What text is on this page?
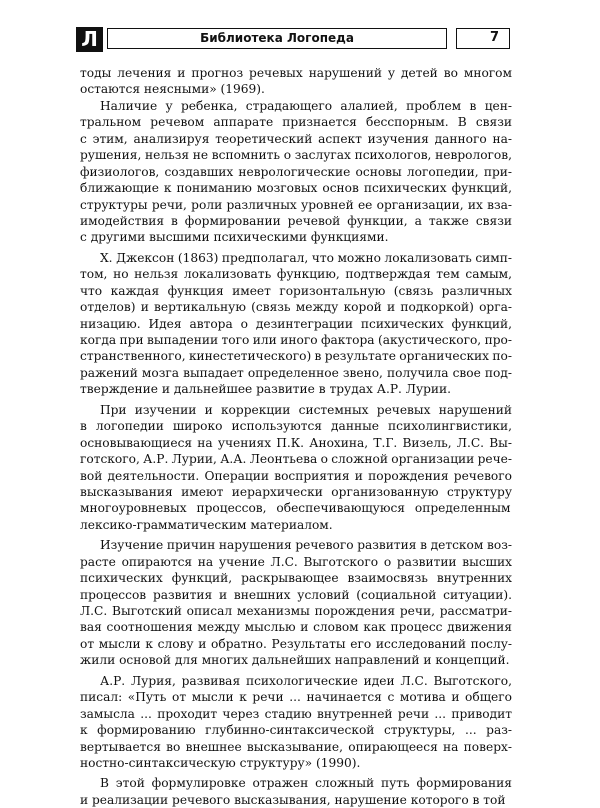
Л	Библиотека Логопеда	7
тоды лечения и прогноз речевых нарушений у детей во многом
остаются неясными» (1969).
Наличие у ребенка, страдающего алалией, проблем в цен-
тральном речевом аппарате признается бесспорным. В связи
с этим, анализируя теоретический аспект изучения данного на-
рушения, нельзя не вспомнить о заслугах психологов, неврологов,
физиологов, создавших неврологические основы логопедии, при-
ближающие к пониманию мозговых основ психических функций,
структуры речи, роли различных уровней ее организации, их вза-
имодействия в формировании речевой функции, а также связи
с другими высшими психическими функциями.
Х. Джексон (1863) предполагал, что можно локализовать симп-
том, но нельзя локализовать функцию, подтверждая тем самым,
что каждая функция имеет горизонтальную (связь различных
отделов) и вертикальную (связь между корой и подкоркой) орга-
низацию. Идея автора о дезинтеграции психических функций,
когда при выпадении того или иного фактора (акустического, про-
странственного, кинестетического) в результате органических по-
ражений мозга выпадает определенное звено, получила свое под-
тверждение и дальнейшее развитие в трудах А.Р. Лурии.
При изучении и коррекции системных речевых нарушений
в логопедии широко используются данные психолингвистики,
основывающиеся на учениях П.К. Анохина, Т.Г. Визель, Л.С. Вы-
готского, А.Р. Лурии, А.А. Леонтьева о сложной организации рече-
вой деятельности. Операции восприятия и порождения речевого
высказывания имеют иерархически организованную структуру
многоуровневых процессов, обеспечивающуюся определенным
лексико-грамматическим материалом.
Изучение причин нарушения речевого развития в детском воз-
расте опираются на учение Л.С. Выготского о развитии высших
психических функций, раскрывающее взаимосвязь внутренних
процессов развития и внешних условий (социальной ситуации).
Л.С. Выготский описал механизмы порождения речи, рассматри-
вая соотношения между мыслью и словом как процесс движения
от мысли к слову и обратно. Результаты его исследований послу-
жили основой для многих дальнейших направлений и концепций.
А.Р. Лурия, развивая психологические идеи Л.С. Выготского,
писал: «Путь от мысли к речи ... начинается с мотива и общего
замысла ... проходит через стадию внутренней речи ... приводит
к формированию глубинно-синтаксической структуры, ... раз-
вертывается во внешнее высказывание, опирающееся на поверх-
ностно-синтаксическую структуру» (1990).
В этой формулировке отражен сложный путь формирования
и реализации речевого высказывания, нарушение которого в той
